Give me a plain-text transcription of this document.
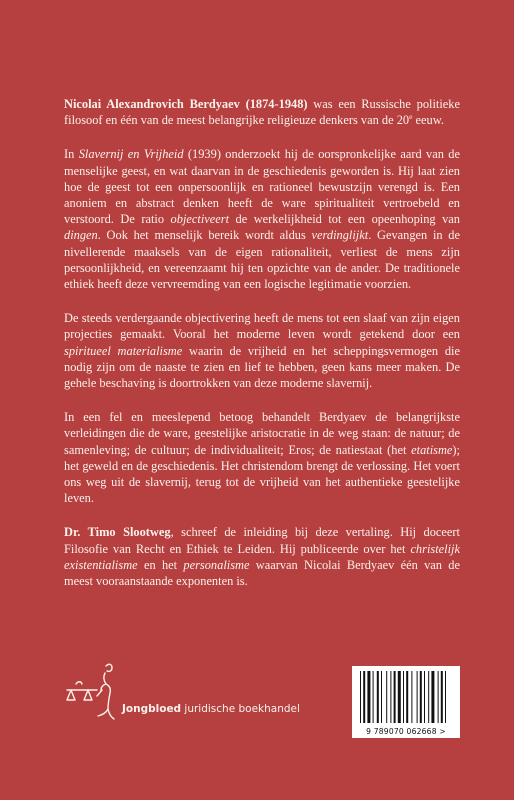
Nicolai Alexandrovich Berdyaev (1874-1948) was een Russische politieke filosoof en één van de meest belangrijke religieuze denkers van de 20e eeuw.

In Slavernij en Vrijheid (1939) onderzoekt hij de oorspronkelijke aard van de menselijke geest, en wat daarvan in de geschiedenis geworden is. Hij laat zien hoe de geest tot een onpersoonlijk en rationeel bewustzijn verengd is. Een anoniem en abstract denken heeft de ware spiritualiteit vertroebeld en verstoord. De ratio objectiveert de werkelijkheid tot een opeenhoping van dingen. Ook het menselijk bereik wordt aldus verdinglijkt. Gevangen in de nivellerende maaksels van de eigen rationaliteit, verliest de mens zijn persoonlijkheid, en vereenzaamt hij ten opzichte van de ander. De traditionele ethiek heeft deze vervreemding van een logische legitimatie voorzien.

De steeds verdergaande objectivering heeft de mens tot een slaaf van zijn eigen projecties gemaakt. Vooral het moderne leven wordt getekend door een spiritueel materialisme waarin de vrijheid en het scheppingsvermogen die nodig zijn om de naaste te zien en lief te hebben, geen kans meer maken. De gehele beschaving is doortrokken van deze moderne slavernij.

In een fel en meeslepend betoog behandelt Berdyaev de belangrijkste verleidingen die de ware, geestelijke aristocratie in de weg staan: de natuur; de samenleving; de cultuur; de individualiteit; Eros; de natiestaat (het etatisme); het geweld en de geschiedenis. Het christendom brengt de verlossing. Het voert ons weg uit de slavernij, terug tot de vrijheid van het authentieke geestelijke leven.

Dr. Timo Slootweg, schreef de inleiding bij deze vertaling. Hij doceert Filosofie van Recht en Ethiek te Leiden. Hij publiceerde over het christelijk existentialisme en het personalisme waarvan Nicolai Berdyaev één van de meest vooraanstaande exponenten is.

Jongbloed juridische boekhandel
9 789070 062668 >
